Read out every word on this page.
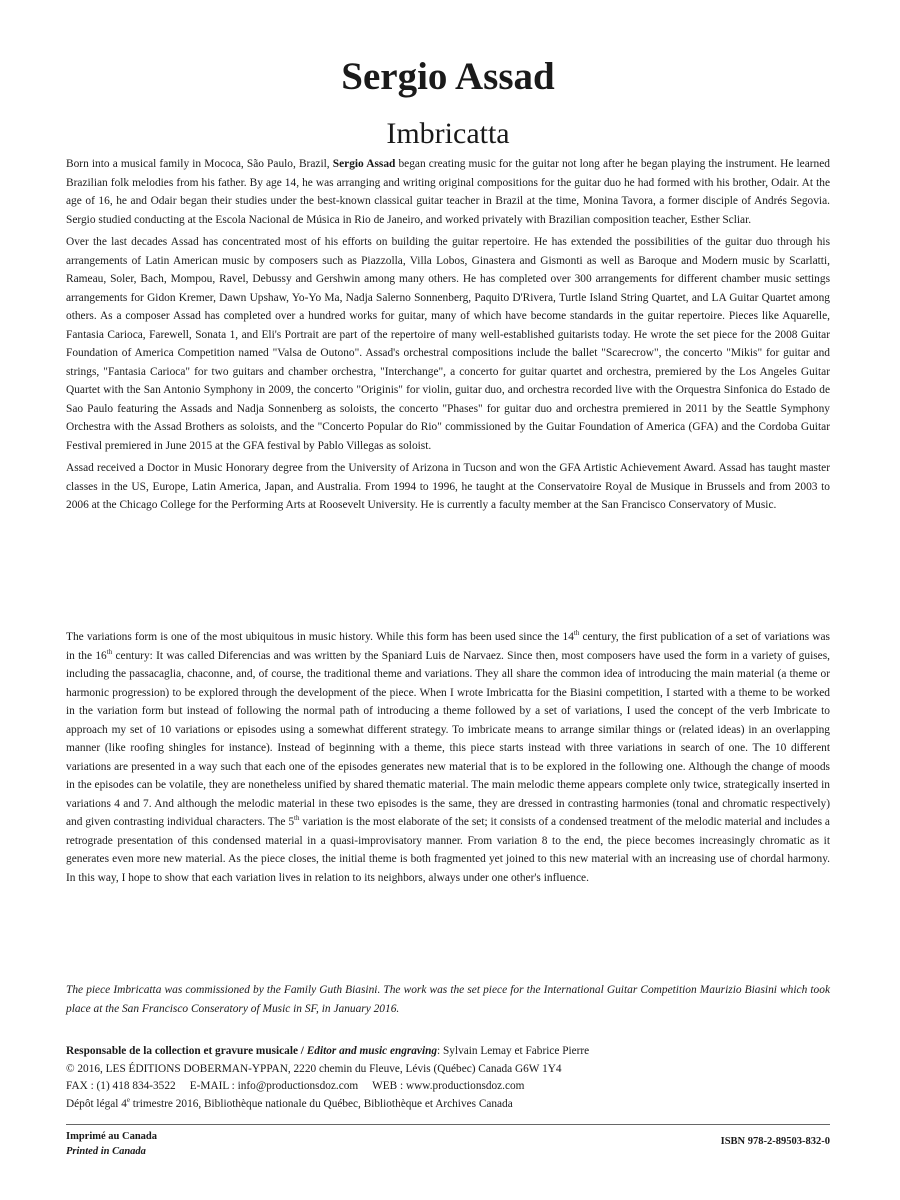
Sergio Assad
Imbricatta

Born into a musical family in Mococa, São Paulo, Brazil, Sergio Assad began creating music for the guitar not long after he began playing the instrument. He learned Brazilian folk melodies from his father. By age 14, he was arranging and writing original compositions for the guitar duo he had formed with his brother, Odair. At the age of 16, he and Odair began their studies under the best-known classical guitar teacher in Brazil at the time, Monina Tavora, a former disciple of Andrés Segovia. Sergio studied conducting at the Escola Nacional de Música in Rio de Janeiro, and worked privately with Brazilian composition teacher, Esther Scliar.

Over the last decades Assad has concentrated most of his efforts on building the guitar repertoire. He has extended the possibilities of the guitar duo through his arrangements of Latin American music by composers such as Piazzolla, Villa Lobos, Ginastera and Gismonti as well as Baroque and Modern music by Scarlatti, Rameau, Soler, Bach, Mompou, Ravel, Debussy and Gershwin among many others. He has completed over 300 arrangements for different chamber music settings arrangements for Gidon Kremer, Dawn Upshaw, Yo-Yo Ma, Nadja Salerno Sonnenberg, Paquito D'Rivera, Turtle Island String Quartet, and LA Guitar Quartet among others. As a composer Assad has completed over a hundred works for guitar, many of which have become standards in the guitar repertoire. Pieces like Aquarelle, Fantasia Carioca, Farewell, Sonata 1, and Eli's Portrait are part of the repertoire of many well-established guitarists today. He wrote the set piece for the 2008 Guitar Foundation of America Competition named "Valsa de Outono". Assad's orchestral compositions include the ballet "Scarecrow", the concerto "Mikis" for guitar and strings, "Fantasia Carioca" for two guitars and chamber orchestra, "Interchange", a concerto for guitar quartet and orchestra, premiered by the Los Angeles Guitar Quartet with the San Antonio Symphony in 2009, the concerto "Originis" for violin, guitar duo, and orchestra recorded live with the Orquestra Sinfonica do Estado de Sao Paulo featuring the Assads and Nadja Sonnenberg as soloists, the concerto "Phases" for guitar duo and orchestra premiered in 2011 by the Seattle Symphony Orchestra with the Assad Brothers as soloists, and the "Concerto Popular do Rio" commissioned by the Guitar Foundation of America (GFA) and the Cordoba Guitar Festival premiered in June 2015 at the GFA festival by Pablo Villegas as soloist.

Assad received a Doctor in Music Honorary degree from the University of Arizona in Tucson and won the GFA Artistic Achievement Award. Assad has taught master classes in the US, Europe, Latin America, Japan, and Australia. From 1994 to 1996, he taught at the Conservatoire Royal de Musique in Brussels and from 2003 to 2006 at the Chicago College for the Performing Arts at Roosevelt University. He is currently a faculty member at the San Francisco Conservatory of Music.

The variations form is one of the most ubiquitous in music history. While this form has been used since the 14th century, the first publication of a set of variations was in the 16th century: It was called Diferencias and was written by the Spaniard Luis de Narvaez. Since then, most composers have used the form in a variety of guises, including the passacaglia, chaconne, and, of course, the traditional theme and variations. They all share the common idea of introducing the main material (a theme or harmonic progression) to be explored through the development of the piece. When I wrote Imbricatta for the Biasini competition, I started with a theme to be worked in the variation form but instead of following the normal path of introducing a theme followed by a set of variations, I used the concept of the verb Imbricate to approach my set of 10 variations or episodes using a somewhat different strategy. To imbricate means to arrange similar things or (related ideas) in an overlapping manner (like roofing shingles for instance). Instead of beginning with a theme, this piece starts instead with three variations in search of one. The 10 different variations are presented in a way such that each one of the episodes generates new material that is to be explored in the following one. Although the change of moods in the episodes can be volatile, they are nonetheless unified by shared thematic material. The main melodic theme appears complete only twice, strategically inserted in variations 4 and 7. And although the melodic material in these two episodes is the same, they are dressed in contrasting harmonies (tonal and chromatic respectively) and given contrasting individual characters. The 5th variation is the most elaborate of the set; it consists of a condensed treatment of the melodic material and includes a retrograde presentation of this condensed material in a quasi-improvisatory manner. From variation 8 to the end, the piece becomes increasingly chromatic as it generates even more new material. As the piece closes, the initial theme is both fragmented yet joined to this new material with an increasing use of chordal harmony. In this way, I hope to show that each variation lives in relation to its neighbors, always under one other's influence.

The piece Imbricatta was commissioned by the Family Guth Biasini. The work was the set piece for the International Guitar Competition Maurizio Biasini which took place at the San Francisco Conseratory of Music in SF, in January 2016.

Responsable de la collection et gravure musicale / Editor and music engraving: Sylvain Lemay et Fabrice Pierre
© 2016, LES ÉDITIONS DOBERMAN-YPPAN, 2220 chemin du Fleuve, Lévis (Québec) Canada G6W 1Y4
FAX : (1) 418 834-3522     E-MAIL : info@productionsdoz.com     WEB : www.productionsdoz.com
Dépôt légal 4e trimestre 2016, Bibliothèque nationale du Québec, Bibliothèque et Archives Canada
Imprimé au Canada
Printed in Canada
ISBN 978-2-89503-832-0
